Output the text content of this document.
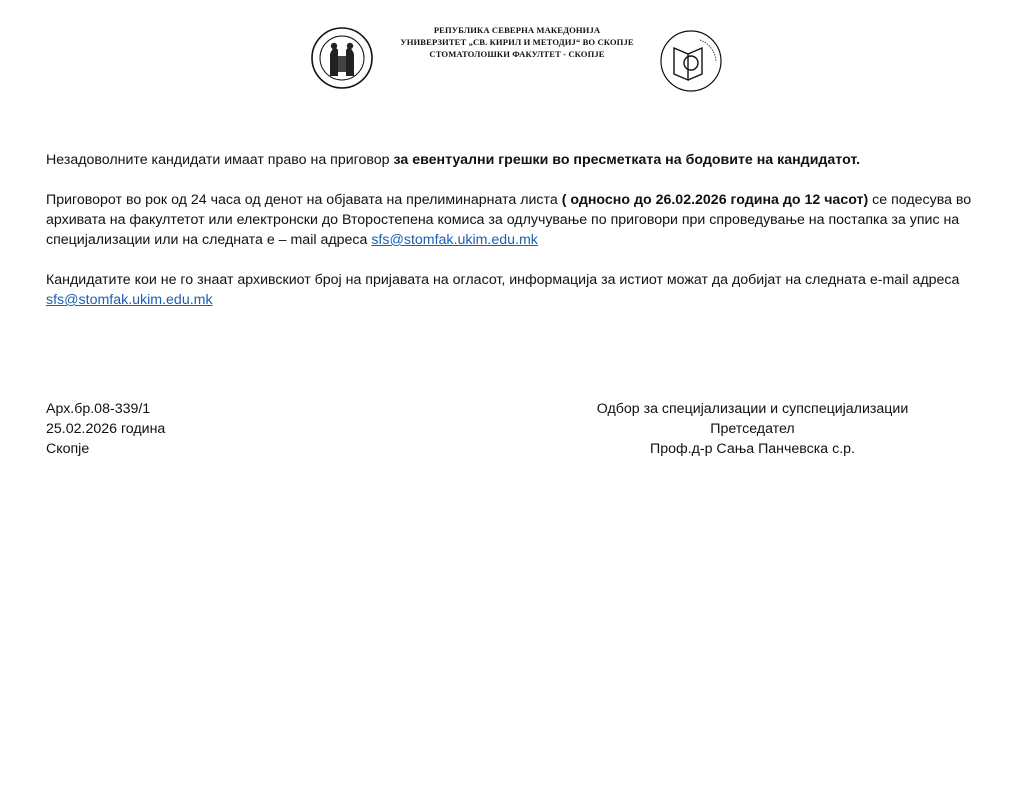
РЕПУБЛИКА СЕВЕРНА МАКЕДОНИЈА
УНИВЕРЗИТЕТ „СВ. КИРИЛ И МЕТОДИЈ“ ВО СКОПЈЕ
СТОМАТОЛОШКИ ФАКУЛТЕТ - СКОПЈЕ

Незадоволните кандидати имаат право на приговор за евентуални грешки во пресметката на бодовите на кандидатот.

Приговорот во рок од 24 часа од денот на објавата на прелиминарната листа ( односно до 26.02.2026 година до 12 часот) се подесува во архивата на факултетот или електронски до Второстепена комиса за одлучување по приговори при спроведување на постапка за упис на специјализации или на следната е – mail адреса sfs@stomfak.ukim.edu.mk

Кандидатите кои не го знаат архивскиот број на пријавата на огласот, информација за истиот можат да добијат на следната е-mail адреса sfs@stomfak.ukim.edu.mk

Арх.бр.08-339/1
25.02.2026 година
Скопје
Одбор за специјализации и супспецијализации
Претседател
Проф.д-р Сања Панчевска с.р.
